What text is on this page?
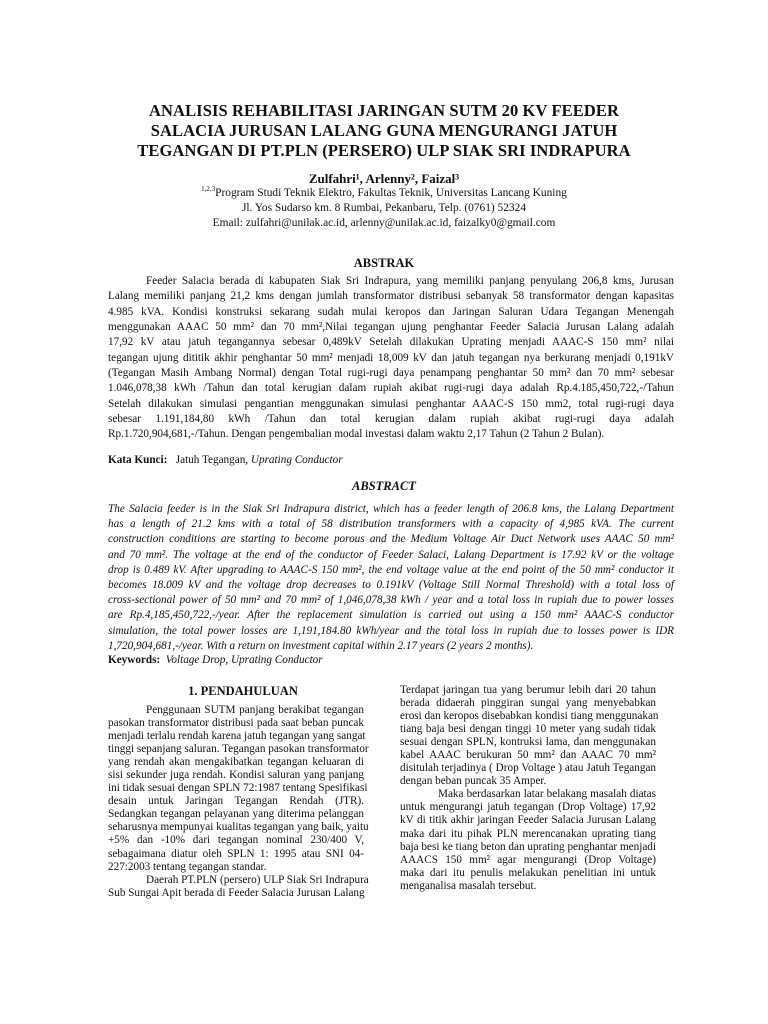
ANALISIS REHABILITASI JARINGAN SUTM 20 KV FEEDER
SALACIA JURUSAN LALANG GUNA MENGURANGI JATUH
TEGANGAN DI PT.PLN (PERSERO) ULP SIAK SRI INDRAPURA
Zulfahri¹, Arlenny², Faizal³
$^{1,2,3}$Program Studi Teknik Elektro, Fakultas Teknik, Universitas Lancang Kuning
Jl. Yos Sudarso km. 8 Rumbai, Pekanbaru, Telp. (0761) 52324
Email: zulfahri@unilak.ac.id, arlenny@unilak.ac.id, faizalky0@gmail.com
ABSTRAK
Feeder Salacia berada di kabupaten Siak Sri Indrapura, yang memiliki panjang penyulang 206,8 kms, Jurusan
Lalang memiliki panjang 21,2 kms dengan jumlah transformator distribusi sebanyak 58 transformator dengan kapasitas
4.985 kVA. Kondisi konstruksi sekarang sudah mulai keropos dan Jaringan Saluran Udara Tegangan Menengah
menggunakan AAAC 50 mm² dan 70 mm²,Nilai tegangan ujung penghantar Feeder Salacia Jurusan Lalang adalah
17,92 kV atau jatuh tegangannya sebesar 0,489kV Setelah dilakukan Uprating menjadi AAAC-S 150 mm² nilai
tegangan ujung dititik akhir penghantar 50 mm² menjadi 18,009 kV dan jatuh tegangan nya berkurang menjadi 0,191kV
(Tegangan Masih Ambang Normal) dengan Total rugi-rugi daya penampang penghantar 50 mm² dan 70 mm² sebesar
1.046,078,38 kWh /Tahun dan total kerugian dalam rupiah akibat rugi-rugi daya adalah Rp.4.185,450,722,-/Tahun
Setelah dilakukan simulasi pengantian menggunakan simulasi penghantar AAAC-S 150 mm2, total rugi-rugi daya
sebesar 1.191,184,80 kWh /Tahun dan total kerugian dalam rupiah akibat rugi-rugi daya adalah
Rp.1.720,904,681,-/Tahun. Dengan pengembalian modal investasi dalam waktu 2,17 Tahun (2 Tahun 2 Bulan).
Kata Kunci: Jatuh Tegangan, Uprating Conductor
ABSTRACT
The Salacia feeder is in the Siak Sri Indrapura district, which has a feeder length of 206.8 kms, the Lalang Department
has a length of 21.2 kms with a total of 58 distribution transformers with a capacity of 4,985 kVA. The current
construction conditions are starting to become porous and the Medium Voltage Air Duct Network uses AAAC 50 mm²
and 70 mm². The voltage at the end of the conductor of Feeder Salaci, Lalang Department is 17.92 kV or the voltage
drop is 0.489 kV. After upgrading to AAAC-S 150 mm², the end voltage value at the end point of the 50 mm² conductor it
becomes 18.009 kV and the voltage drop decreases to 0.191kV (Voltage Still Normal Threshold) with a total loss of
cross-sectional power of 50 mm² and 70 mm² of 1,046,078,38 kWh / year and a total loss in rupiah due to power losses
are Rp.4,185,450,722,-/year. After the replacement simulation is carried out using a 150 mm² AAAC-S conductor
simulation, the total power losses are 1,191,184.80 kWh/year and the total loss in rupiah due to losses power is IDR
1,720,904,681,-/year. With a return on investment capital within 2.17 years (2 years 2 months).
Keywords: Voltage Drop, Uprating Conductor
1. PENDAHULUAN
Penggunaan SUTM panjang berakibat tegangan
pasokan transformator distribusi pada saat beban puncak
menjadi terlalu rendah karena jatuh tegangan yang sangat
tinggi sepanjang saluran. Tegangan pasokan transformator
yang rendah akan mengakibatkan tegangan keluaran di
sisi sekunder juga rendah. Kondisi saluran yang panjang
ini tidak sesuai dengan SPLN 72:1987 tentang Spesifikasi
desain untuk Jaringan Tegangan Rendah (JTR).
Sedangkan tegangan pelayanan yang diterima pelanggan
seharusnya mempunyai kualitas tegangan yang baik, yaitu
+5% dan -10% dari tegangan nominal 230/400 V,
sebagaimana diatur oleh SPLN 1: 1995 atau SNI 04-
227:2003 tentang tegangan standar.
Daerah PT.PLN (persero) ULP Siak Sri Indrapura
Sub Sungai Apit berada di Feeder Salacia Jurusan Lalang
Terdapat jaringan tua yang berumur lebih dari 20 tahun
berada didaerah pinggiran sungai yang menyebabkan
erosi dan keropos disebabkan kondisi tiang menggunakan
tiang baja besi dengan tinggi 10 meter yang sudah tidak
sesuai dengan SPLN, kontruksi lama, dan menggunakan
kabel AAAC berukuran 50 mm² dan AAAC 70 mm²
disitulah terjadinya ( Drop Voltage ) atau Jatuh Tegangan
dengan beban puncak 35 Amper.
Maka berdasarkan latar belakang masalah diatas
untuk mengurangi jatuh tegangan (Drop Voltage) 17,92
kV di titik akhir jaringan Feeder Salacia Jurusan Lalang
maka dari itu pihak PLN merencanakan uprating tiang
baja besi ke tiang beton dan uprating penghantar menjadi
AAACS 150 mm² agar mengurangi (Drop Voltage)
maka dari itu penulis melakukan penelitian ini untuk
menganalisa masalah tersebut.
